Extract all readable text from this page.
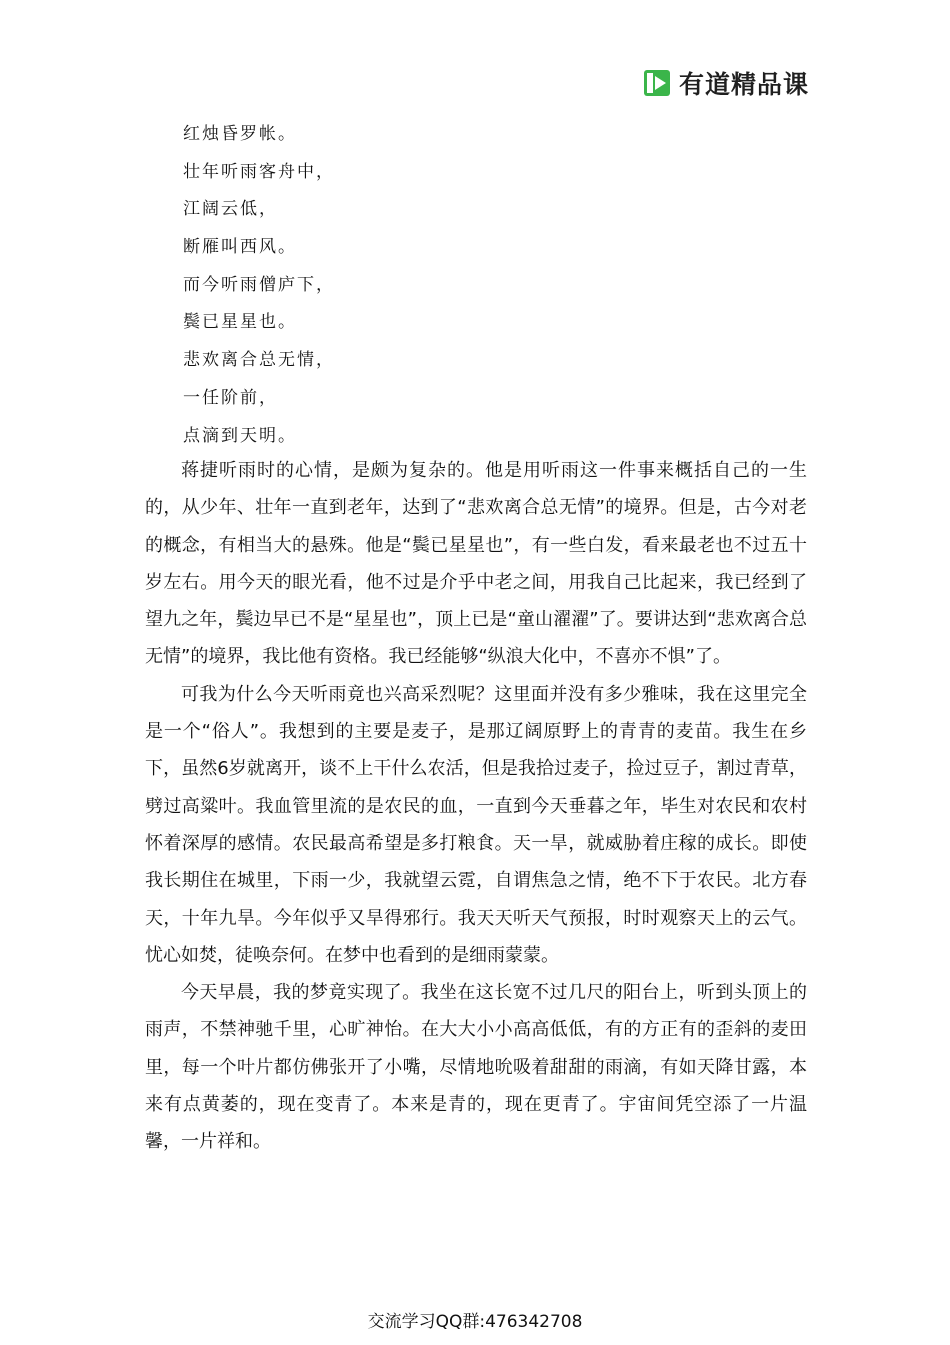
有道精品课
红烛昏罗帐。
壮年听雨客舟中，
江阔云低，
断雁叫西风。
而今听雨僧庐下，
鬓已星星也。
悲欢离合总无情，
一任阶前，
点滴到天明。

蒋捷听雨时的心情，是颇为复杂的。他是用听雨这一件事来概括自己的一生的，从少年、壮年一直到老年，达到了“悲欢离合总无情”的境界。但是，古今对老的概念，有相当大的悬殊。他是“鬓已星星也”，有一些白发，看来最老也不过五十岁左右。用今天的眼光看，他不过是介乎中老之间，用我自己比起来，我已经到了望九之年，鬓边早已不是“星星也”，顶上已是“童山濯濯”了。要讲达到“悲欢离合总无情”的境界，我比他有资格。我已经能够“纵浪大化中，不喜亦不惧”了。

可我为什么今天听雨竟也兴高采烈呢？这里面并没有多少雅味，我在这里完全是一个“俗人”。我想到的主要是麦子，是那辽阔原野上的青青的麦苗。我生在乡下，虽然6岁就离开，谈不上干什么农活，但是我拾过麦子，捡过豆子，割过青草，劈过高粱叶。我血管里流的是农民的血，一直到今天垂暮之年，毕生对农民和农村怀着深厚的感情。农民最高希望是多打粮食。天一旱，就威胁着庄稼的成长。即使我长期住在城里，下雨一少，我就望云霓，自谓焦急之情，绝不下于农民。北方春天，十年九旱。今年似乎又旱得邪行。我天天听天气预报，时时观察天上的云气。忧心如焚，徒唤奈何。在梦中也看到的是细雨蒙蒙。

今天早晨，我的梦竟实现了。我坐在这长宽不过几尺的阳台上，听到头顶上的雨声，不禁神驰千里，心旷神怡。在大大小小高高低低，有的方正有的歪斜的麦田里，每一个叶片都仿佛张开了小嘴，尽情地吮吸着甜甜的雨滴，有如天降甘露，本来有点黄萎的，现在变青了。本来是青的，现在更青了。宇宙间凭空添了一片温馨，一片祥和。

交流学习QQ群:476342708
